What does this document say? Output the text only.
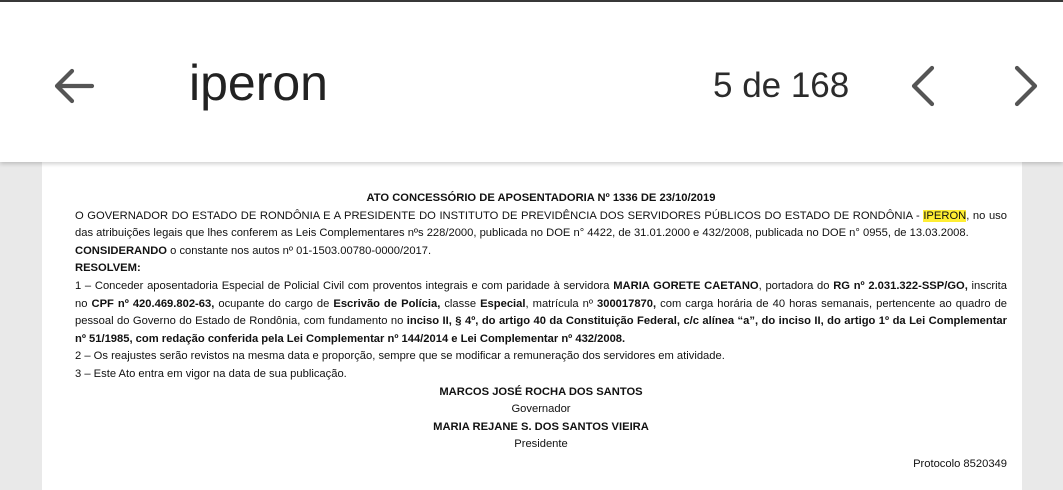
iperon	5 de 168

ATO CONCESSÓRIO DE APOSENTADORIA Nº 1336 DE 23/10/2019

O GOVERNADOR DO ESTADO DE RONDÔNIA E A PRESIDENTE DO INSTITUTO DE PREVIDÊNCIA DOS SERVIDORES PÚBLICOS DO ESTADO DE RONDÔNIA - IPERON, no uso das atribuições legais que lhes conferem as Leis Complementares nºs 228/2000, publicada no DOE n° 4422, de 31.01.2000 e 432/2008, publicada no DOE n° 0955, de 13.03.2008.

CONSIDERANDO o constante nos autos nº 01-1503.00780-0000/2017.

RESOLVEM:

1 – Conceder aposentadoria Especial de Policial Civil com proventos integrais e com paridade à servidora MARIA GORETE CAETANO, portadora do RG nº 2.031.322-SSP/GO, inscrita no CPF nº 420.469.802-63, ocupante do cargo de Escrivão de Polícia, classe Especial, matrícula nº 300017870, com carga horária de 40 horas semanais, pertencente ao quadro de pessoal do Governo do Estado de Rondônia, com fundamento no inciso II, § 4º, do artigo 40 da Constituição Federal, c/c alínea “a”, do inciso II, do artigo 1º da Lei Complementar nº 51/1985, com redação conferida pela Lei Complementar nº 144/2014 e Lei Complementar nº 432/2008.

2 – Os reajustes serão revistos na mesma data e proporção, sempre que se modificar a remuneração dos servidores em atividade.

3 – Este Ato entra em vigor na data de sua publicação.

MARCOS JOSÉ ROCHA DOS SANTOS

Governador

MARIA REJANE S. DOS SANTOS VIEIRA

Presidente

Protocolo 8520349
